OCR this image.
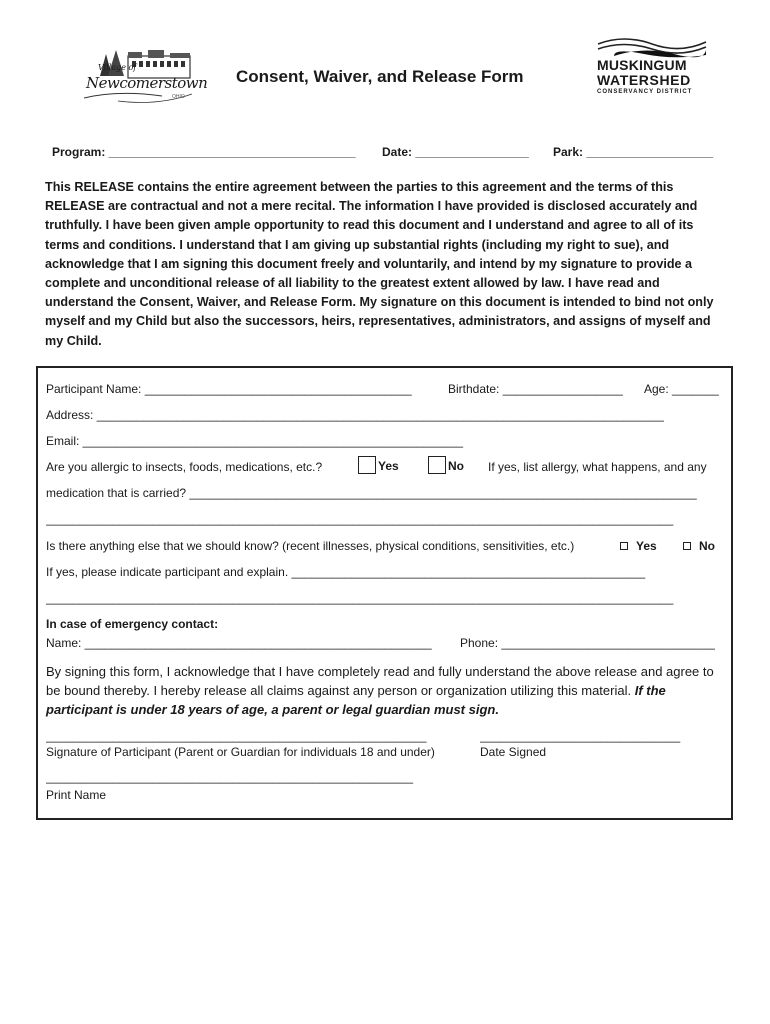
Village of
Newcomerstown
OHIO
Consent, Waiver, and Release Form
MUSKINGUM
WATERSHED
CONSERVANCY DISTRICT
Program: _____________________________________ Date: _________________ Park: ___________________
This RELEASE contains the entire agreement between the parties to this agreement and the terms of this RELEASE are contractual and not a mere recital. The information I have provided is disclosed accurately and truthfully. I have been given ample opportunity to read this document and I understand and agree to all of its terms and conditions. I understand that I am giving up substantial rights (including my right to sue), and acknowledge that I am signing this document freely and voluntarily, and intend by my signature to provide a complete and unconditional release of all liability to the greatest extent allowed by law. I have read and understand the Consent, Waiver, and Release Form. My signature on this document is intended to bind not only myself and my Child but also the successors, heirs, representatives, administrators, and assigns of myself and my Child.
Participant Name: ________________________________________	Birthdate: __________________ Age: _______
Address: _____________________________________________________________________________________
Email: _________________________________________________________
Are you allergic to insects, foods, medications, etc.?	Yes	No If yes, list allergy, what happens, and any
medication that is carried? ____________________________________________________________________________
______________________________________________________________________________________________
Is there anything else that we should know? (recent illnesses, physical conditions, sensitivities, etc.)	Yes	No
If yes, please indicate participant and explain. _____________________________________________________
______________________________________________________________________________________________
In case of emergency contact:
Name: ____________________________________________________ Phone: ________________________________
By signing this form, I acknowledge that I have completely read and fully understand the above release and agree to be bound thereby. I hereby release all claims against any person or organization utilizing this material. If the participant is under 18 years of age, a parent or legal guardian must sign.
_________________________________________________________	______________________________
Signature of Participant (Parent or Guardian for individuals 18 and under)	Date Signed
_______________________________________________________
Print Name
